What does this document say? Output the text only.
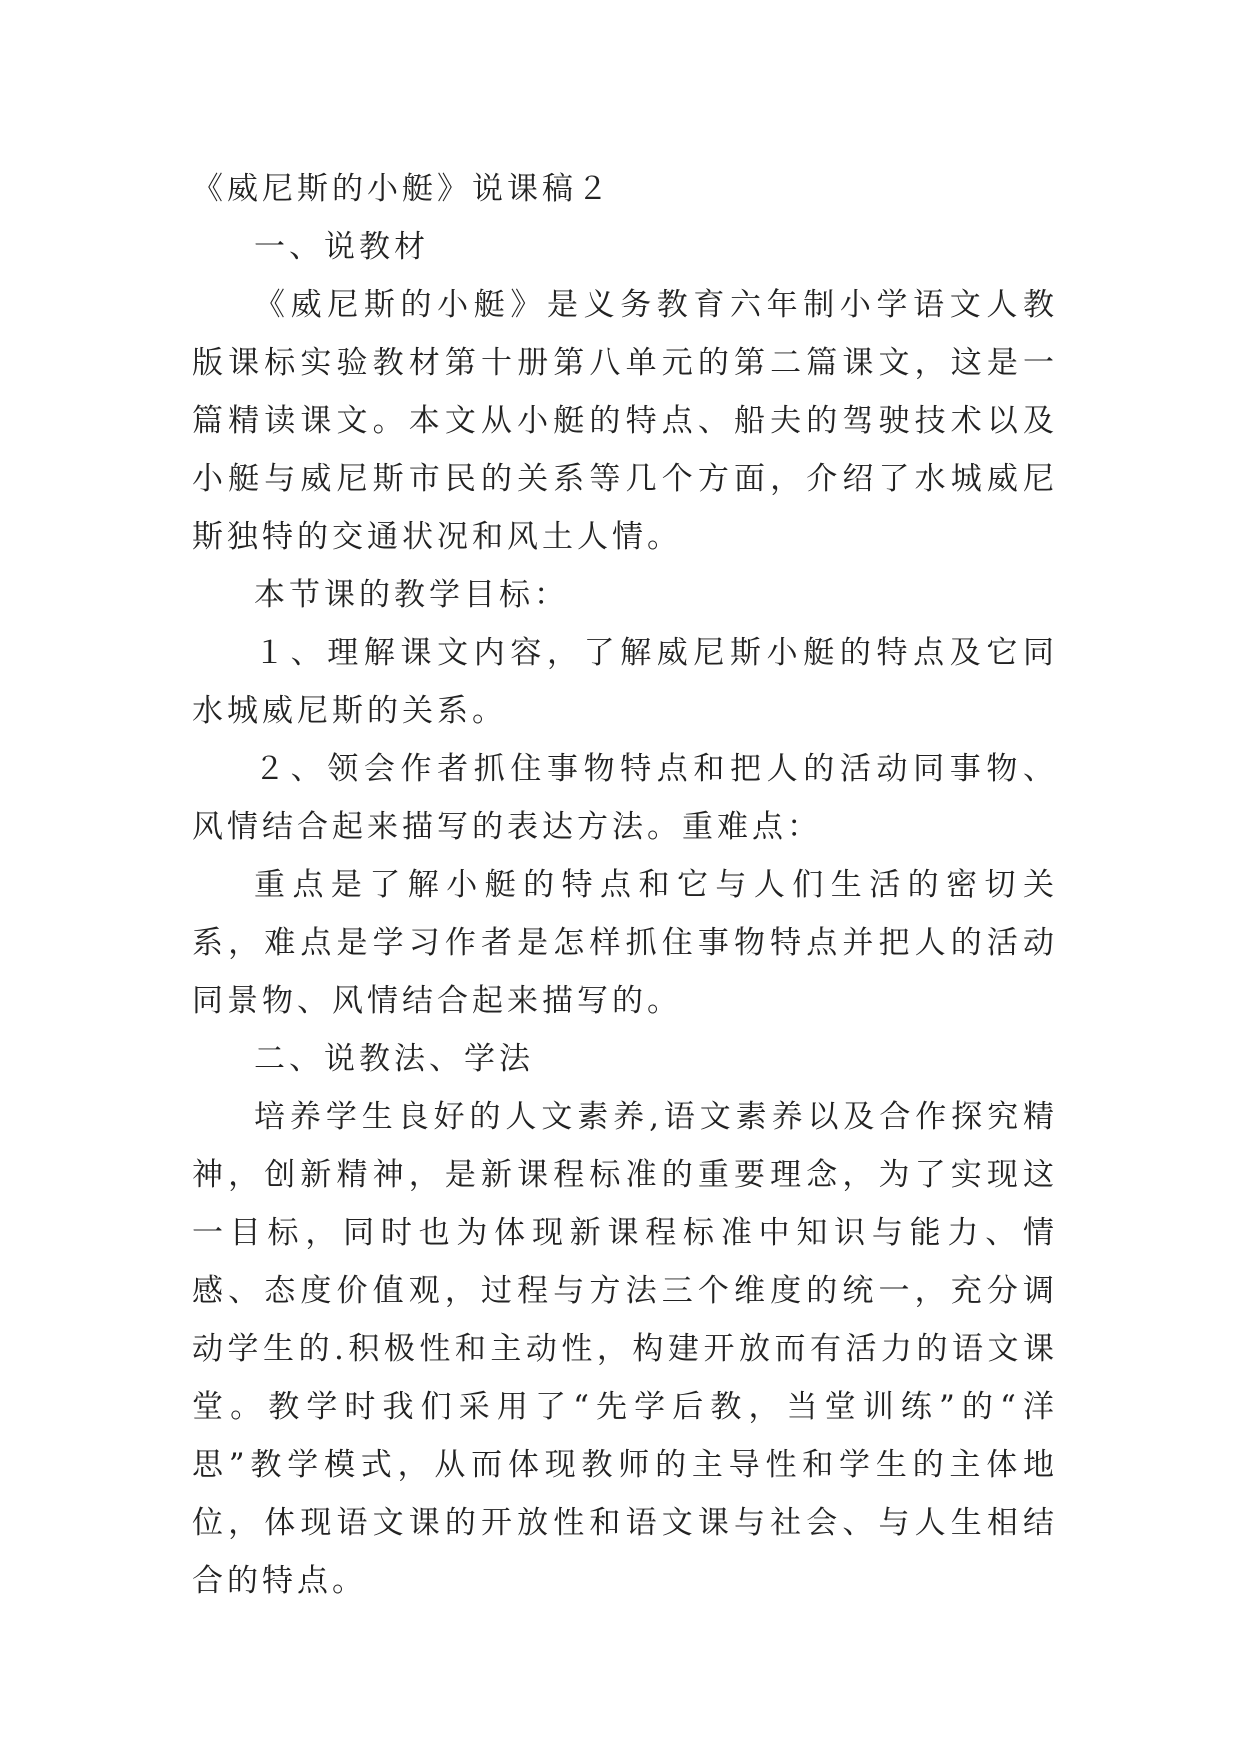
《威尼斯的小艇》说课稿２

一、说教材

《威尼斯的小艇》是义务教育六年制小学语文人教版课标实验教材第十册第八单元的第二篇课文，这是一篇精读课文。本文从小艇的特点、船夫的驾驶技术以及小艇与威尼斯市民的关系等几个方面，介绍了水城威尼斯独特的交通状况和风土人情。

本节课的教学目标：

１、理解课文内容，了解威尼斯小艇的特点及它同水城威尼斯的关系。

２、领会作者抓住事物特点和把人的活动同事物、风情结合起来描写的表达方法。重难点：

重点是了解小艇的特点和它与人们生活的密切关系，难点是学习作者是怎样抓住事物特点并把人的活动同景物、风情结合起来描写的。

二、说教法、学法

培养学生良好的人文素养,语文素养以及合作探究精神，创新精神，是新课程标准的重要理念，为了实现这一目标，同时也为体现新课程标准中知识与能力、情感、态度价值观，过程与方法三个维度的统一，充分调动学生的.积极性和主动性，构建开放而有活力的语文课堂。教学时我们采用了“先学后教，当堂训练”的“洋思”教学模式，从而体现教师的主导性和学生的主体地位，体现语文课的开放性和语文课与社会、与人生相结合的特点。
